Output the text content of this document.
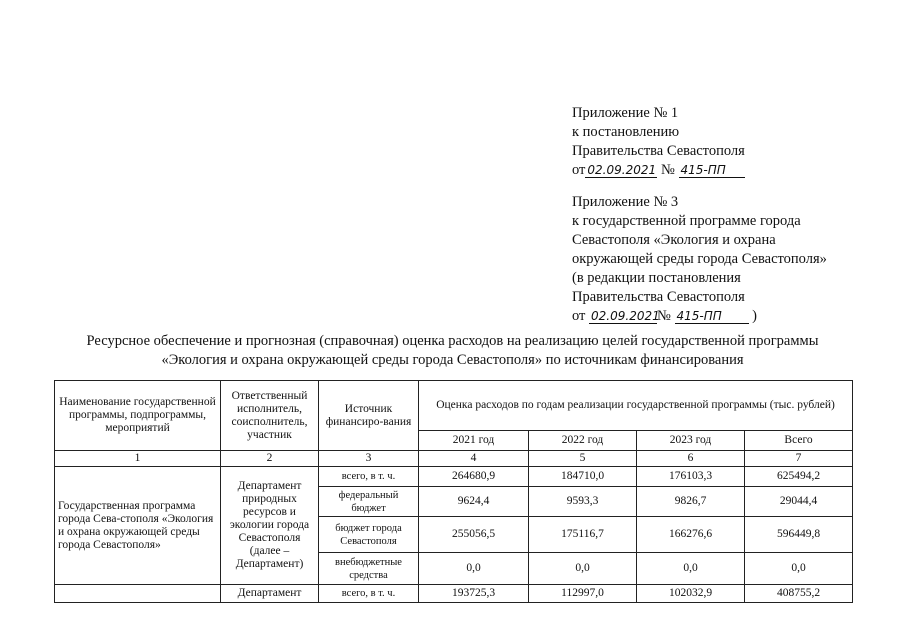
Приложение № 1
к постановлению
Правительства Севастополя
от 02.09.2021 № 415-ПП
Приложение № 3
к государственной программе города
Севастополя «Экология и охрана
окружающей среды города Севастополя»
(в редакции постановления
Правительства Севастополя
от 02.09.2021№ 415-ПП )
Ресурсное обеспечение и прогнозная (справочная) оценка расходов на реализацию целей государственной программы
«Экология и охрана окружающей среды города Севастополя» по источникам финансирования
Наименование государственной программы, подпрограммы, мероприятий	Ответственный исполнитель, соисполнитель, участник	Источник финансиро-вания	Оценка расходов по годам реализации государственной программы (тыс. рублей)			
			2021 год	2022 год	2023 год	Всего
1	2	3	4	5	6	7
Государственная программа города Сева-стополя «Экология и охрана окружающей среды города Севастополя»	Департамент природных ресурсов и экологии города Севастополя (далее – Департамент)	всего, в т. ч.	264680,9	184710,0	176103,3	625494,2
		федеральный бюджет	9624,4	9593,3	9826,7	29044,4
		бюджет города Севастополя	255056,5	175116,7	166276,6	596449,8
		внебюджетные средства	0,0	0,0	0,0	0,0
	Департамент	всего, в т. ч.	193725,3	112997,0	102032,9	408755,2
